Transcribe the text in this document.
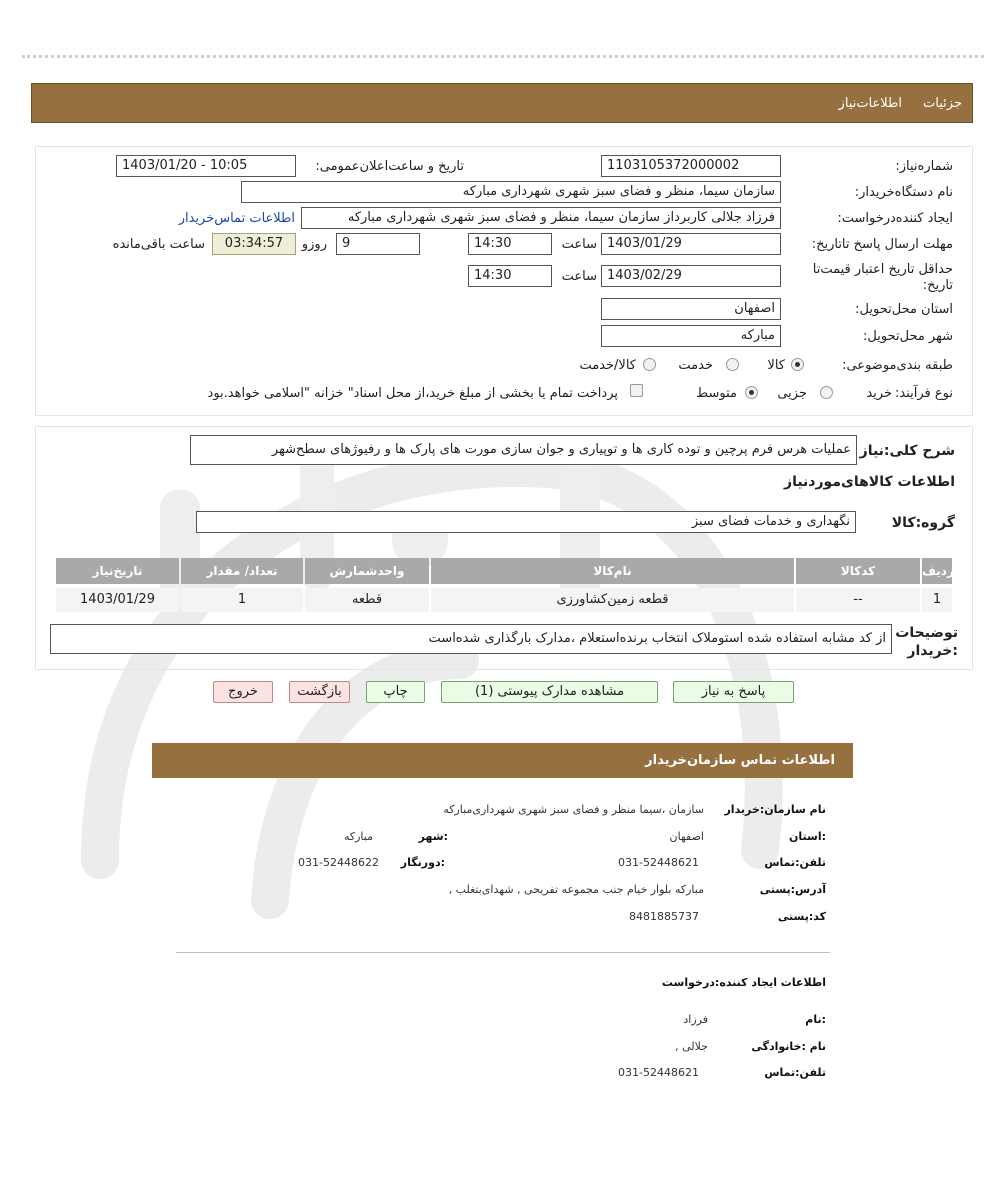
جزئیات
اطلاعات‌نیاز
شماره‌نیاز:
1103105372000002
تاریخ و ساعت‌اعلان‌عمومی:
1403/01/20 - 10:05
نام دستگاه‌خریدار:
سازمان سیما، منظر و فضای سبز شهری شهرداری مبارکه
ایجاد کننده‌درخواست:
فرزاد جلالی کاربرداز سازمان سیما، منظر و فضای سبز شهری شهرداری مبارکه
اطلاعات تماس‌خریدار
مهلت ارسال پاسخ تا‌تاریخ:
1403/01/29
ساعت
14:30
9
روزو
03:34:57
ساعت باقی‌مانده
حداقل تاریخ اعتبار قیمت‌تا
تاریخ:
1403/02/29
ساعت
14:30
استان محل‌تحویل:
اصفهان
شهر محل‌تحویل:
مبارکه
طبقه بندی‌موضوعی:
کالا
خدمت
کالا/خدمت
نوع فرآیند:
خرید
جزیی
متوسط
پرداخت تمام یا بخشی از مبلغ خرید،از محل اسناد" خزانه "اسلامی خواهد.بود
شرح کلی:نیاز
عملیات هرس فرم پرچین و توده کاری ها و توپیاری و جوان سازی مورت های پارک ها و رفیوژهای سطح‌شهر
اطلاعات کالاهای‌موردنیاز
گروه:کالا
نگهداری و خدمات فضای سبز
ردیف
کدکالا
نام‌کالا
واحدشمارش
تعداد/ مقدار
تاریخ‌نیاز
1
--
قطعه زمین‌کشاورزی
قطعه
1
1403/01/29
توضیحات
:خریدار
از کد مشابه استفاده شده استو‌ملاک انتخاب برنده‌استعلام ،مدارک بارگذاری شده‌است
پاسخ به نیاز
مشاهده مدارک پیوستی (1)
چاپ
بازگشت
خروج
اطلاعات تماس سازمان‌خریدار
نام سازمان:خریدار
سازمان ،سیما منظر و فضای سبز شهری شهرداری‌مبارکه
:استان
اصفهان
:شهر
مبارکه
تلفن:تماس
031-52448621
:دورنگار
031-52448622
آدرس:پستی
مبارکه بلوار خیام جنب مجموعه تفریحی , شهدای‌بتغلب ,
کد:پستی
8481885737
اطلاعات ایجاد کننده:درخواست
:نام
فرزاد
نام :خانوادگی
جلالی ,
تلفن:تماس
031-52448621
